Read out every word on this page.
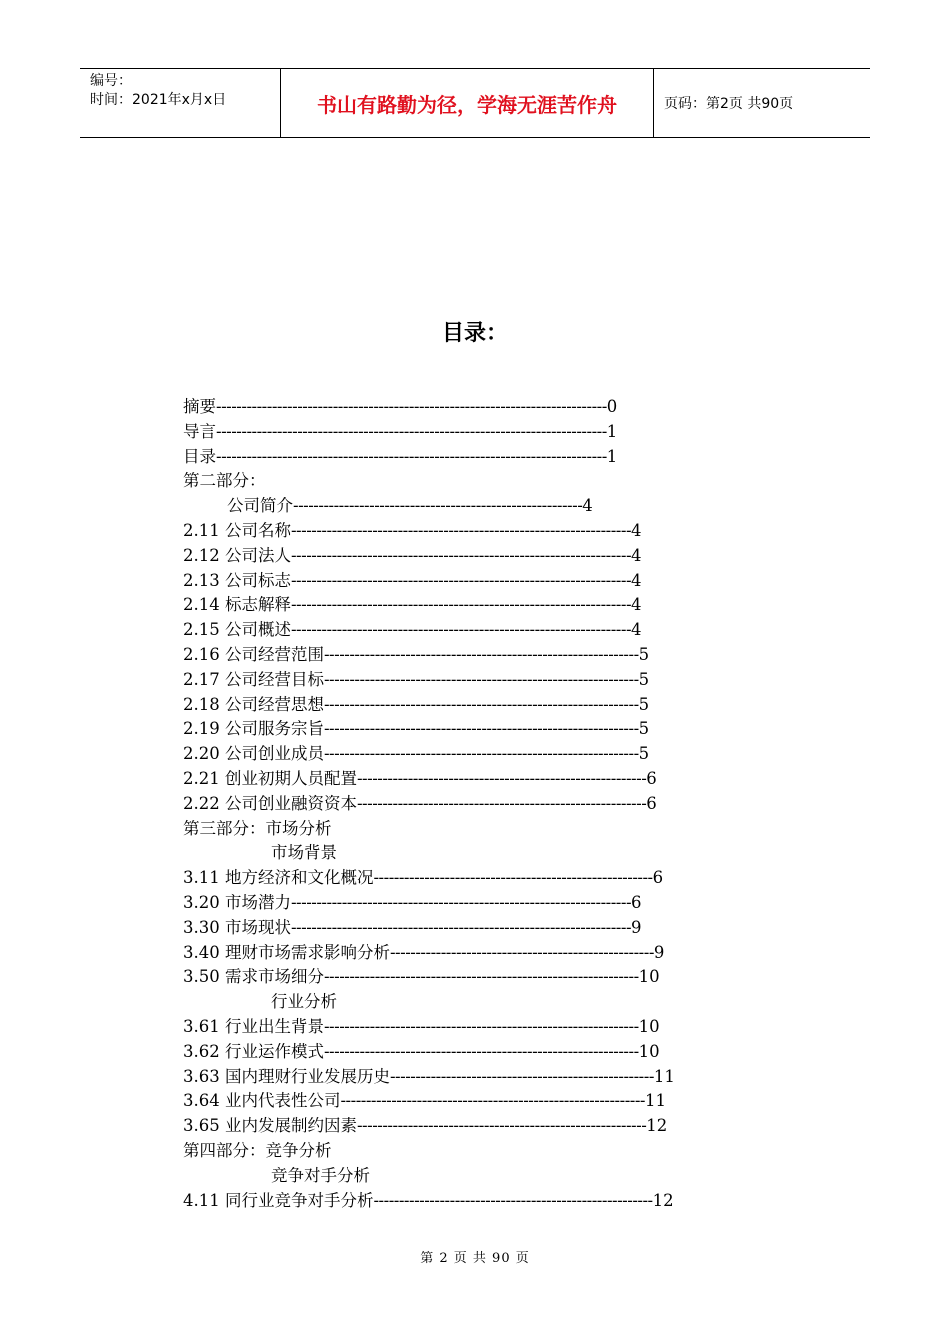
编号：
时间：2021年x月x日	书山有路勤为径，学海无涯苦作舟	页码：第2页 共90页
目录：
摘要-----------------------------------------------------------------------------0
导言-----------------------------------------------------------------------------1
目录-----------------------------------------------------------------------------1
第二部分：
公司简介---------------------------------------------------------4
2.11 公司名称-------------------------------------------------------------------4
2.12 公司法人-------------------------------------------------------------------4
2.13 公司标志-------------------------------------------------------------------4
2.14 标志解释-------------------------------------------------------------------4
2.15 公司概述-------------------------------------------------------------------4
2.16 公司经营范围--------------------------------------------------------------5
2.17 公司经营目标--------------------------------------------------------------5
2.18 公司经营思想--------------------------------------------------------------5
2.19 公司服务宗旨--------------------------------------------------------------5
2.20 公司创业成员--------------------------------------------------------------5
2.21 创业初期人员配置---------------------------------------------------------6
2.22 公司创业融资资本---------------------------------------------------------6
第三部分：市场分析
市场背景
3.11 地方经济和文化概况-------------------------------------------------------6
3.20 市场潜力-------------------------------------------------------------------6
3.30 市场现状-------------------------------------------------------------------9
3.40 理财市场需求影响分析----------------------------------------------------9
3.50 需求市场细分--------------------------------------------------------------10
行业分析
3.61 行业出生背景--------------------------------------------------------------10
3.62 行业运作模式--------------------------------------------------------------10
3.63 国内理财行业发展历史----------------------------------------------------11
3.64 业内代表性公司------------------------------------------------------------11
3.65 业内发展制约因素---------------------------------------------------------12
第四部分：竞争分析
竞争对手分析
4.11 同行业竞争对手分析-------------------------------------------------------12
第 2 页 共 90 页
